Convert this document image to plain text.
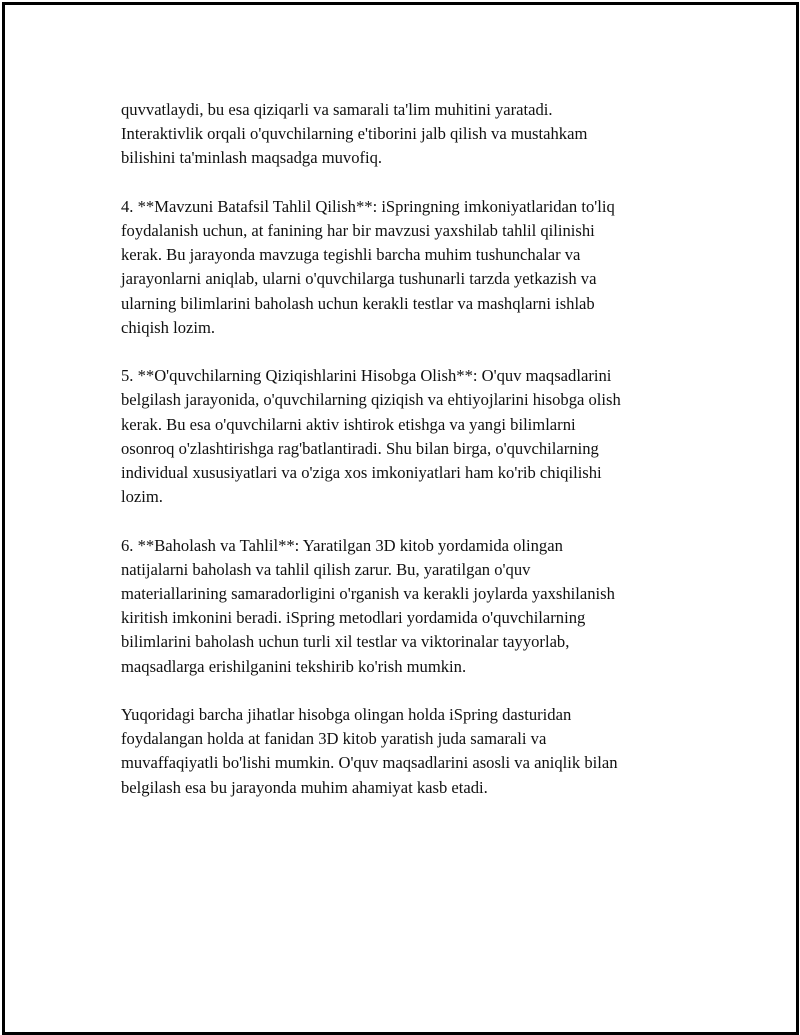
quvvatlaydi, bu esa qiziqarli va samarali ta'lim muhitini yaratadi.
Interaktivlik orqali o'quvchilarning e'tiborini jalb qilish va mustahkam
bilishini ta'minlash maqsadga muvofiq.

4. **Mavzuni Batafsil Tahlil Qilish**: iSpringning imkoniyatlaridan to'liq
foydalanish uchun, at fanining har bir mavzusi yaxshilab tahlil qilinishi
kerak. Bu jarayonda mavzuga tegishli barcha muhim tushunchalar va
jarayonlarni aniqlab, ularni o'quvchilarga tushunarli tarzda yetkazish va
ularning bilimlarini baholash uchun kerakli testlar va mashqlarni ishlab
chiqish lozim.

5. **O'quvchilarning Qiziqishlarini Hisobga Olish**: O'quv maqsadlarini
belgilash jarayonida, o'quvchilarning qiziqish va ehtiyojlarini hisobga olish
kerak. Bu esa o'quvchilarni aktiv ishtirok etishga va yangi bilimlarni
osonroq o'zlashtirishga rag'batlantiradi. Shu bilan birga, o'quvchilarning
individual xususiyatlari va o'ziga xos imkoniyatlari ham ko'rib chiqilishi
lozim.

6. **Baholash va Tahlil**: Yaratilgan 3D kitob yordamida olingan
natijalarni baholash va tahlil qilish zarur. Bu, yaratilgan o'quv
materiallarining samaradorligini o'rganish va kerakli joylarda yaxshilanish
kiritish imkonini beradi. iSpring metodlari yordamida o'quvchilarning
bilimlarini baholash uchun turli xil testlar va viktorinalar tayyorlab,
maqsadlarga erishilganini tekshirib ko'rish mumkin.

Yuqoridagi barcha jihatlar hisobga olingan holda iSpring dasturidan
foydalangan holda at fanidan 3D kitob yaratish juda samarali va
muvaffaqiyatli bo'lishi mumkin. O'quv maqsadlarini asosli va aniqlik bilan
belgilash esa bu jarayonda muhim ahamiyat kasb etadi.
